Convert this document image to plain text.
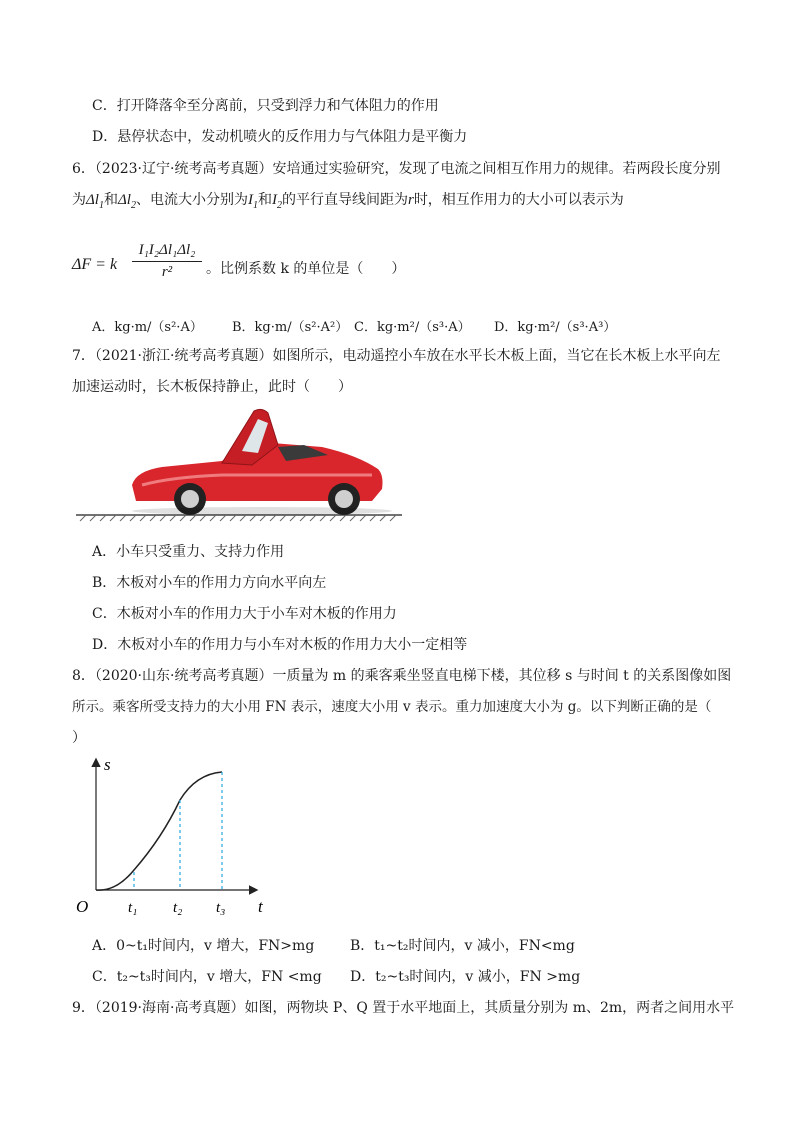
C．打开降落伞至分离前，只受到浮力和气体阻力的作用
D．悬停状态中，发动机喷火的反作用力与气体阻力是平衡力
6．（2023·辽宁·统考高考真题）安培通过实验研究，发现了电流之间相互作用力的规律。若两段长度分别
为$\Delta l_1$和$\Delta l_2$、电流大小分别为$I_1$和$I_2$的平行直导线间距为r时，相互作用力的大小可以表示为
ΔF = k $\frac{\text{I₁I₂Δl₁Δl₂}}{\text{r²}}$ 。比例系数 k 的单位是（　　）
A．kg·m/（s²·A） B．kg·m/（s²·A²） C．kg·m²/（s³·A） D．kg·m²/（s³·A³）
7．（2021·浙江·统考高考真题）如图所示，电动遥控小车放在水平长木板上面，当它在长木板上水平向左
加速运动时，长木板保持静止，此时（　　）
A．小车只受重力、支持力作用
B．木板对小车的作用力方向水平向左
C．木板对小车的作用力大于小车对木板的作用力
D．木板对小车的作用力与小车对木板的作用力大小一定相等
8．（2020·山东·统考高考真题）一质量为 m 的乘客乘坐竖直电梯下楼，其位移 s 与时间 t 的关系图像如图
所示。乘客所受支持力的大小用 FN 表示，速度大小用 v 表示。重力加速度大小为 g。以下判断正确的是（
）
s
t
O	t₁ t₂ t₃
A．0~t₁时间内，v 增大，FN>mg	B．t₁~t₂时间内，v 减小，FN<mg
C．t₂~t₃时间内，v 增大，FN <mg D．t₂~t₃时间内，v 减小，FN >mg
9．（2019·海南·高考真题）如图，两物块 P、Q 置于水平地面上，其质量分别为 m、2m，两者之间用水平
